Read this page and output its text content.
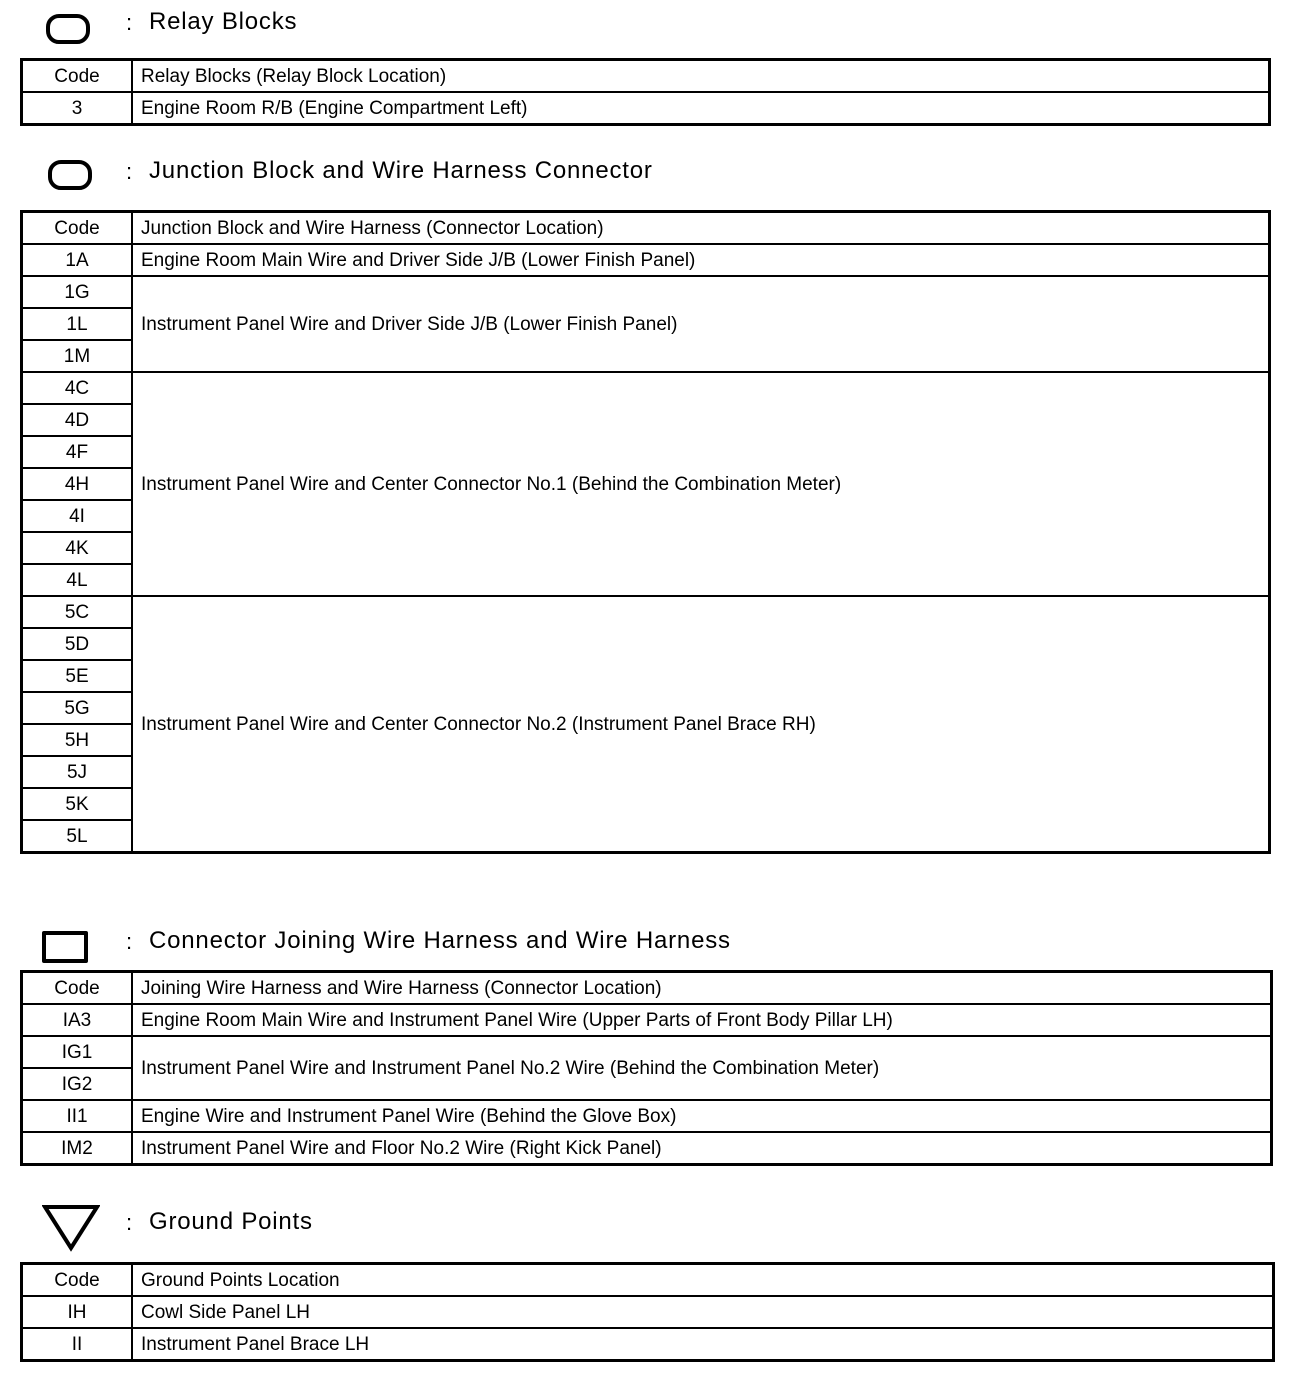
: Relay Blocks
Code	Relay Blocks (Relay Block Location)
3	Engine Room R/B (Engine Compartment Left)
: Junction Block and Wire Harness Connector
Code	Junction Block and Wire Harness (Connector Location)
1A	Engine Room Main Wire and Driver Side J/B (Lower Finish Panel)
1G	Instrument Panel Wire and Driver Side J/B (Lower Finish Panel)
1L	
1M	
4C	Instrument Panel Wire and Center Connector No.1 (Behind the Combination Meter)
4D	
4F	
4H	
4I	
4K	
4L	
5C	Instrument Panel Wire and Center Connector No.2 (Instrument Panel Brace RH)
5D	
5E	
5G	
5H	
5J	
5K	
5L	
: Connector Joining Wire Harness and Wire Harness
Code	Joining Wire Harness and Wire Harness (Connector Location)
IA3	Engine Room Main Wire and Instrument Panel Wire (Upper Parts of Front Body Pillar LH)
IG1	Instrument Panel Wire and Instrument Panel No.2 Wire (Behind the Combination Meter)
IG2	
II1	Engine Wire and Instrument Panel Wire (Behind the Glove Box)
IM2	Instrument Panel Wire and Floor No.2 Wire (Right Kick Panel)
: Ground Points
Code	Ground Points Location
IH	Cowl Side Panel LH
II	Instrument Panel Brace LH
